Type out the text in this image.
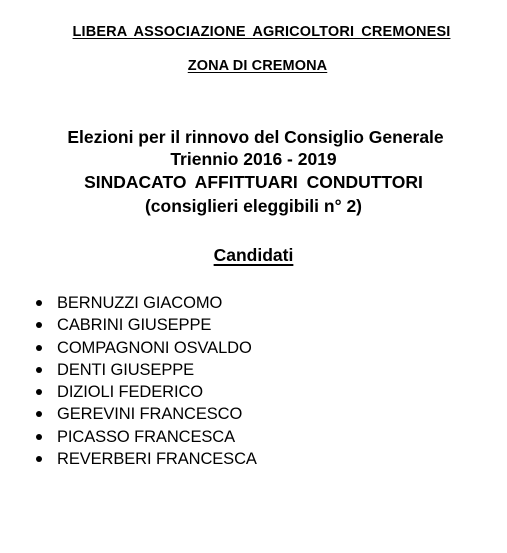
LIBERA ASSOCIAZIONE AGRICOLTORI CREMONESI
ZONA DI CREMONA
Elezioni per il rinnovo del Consiglio Generale
Triennio 2016 - 2019
SINDACATO AFFITTUARI CONDUTTORI
(consiglieri eleggibili n° 2)
Candidati
BERNUZZI GIACOMO
CABRINI GIUSEPPE
COMPAGNONI OSVALDO
DENTI GIUSEPPE
DIZIOLI FEDERICO
GEREVINI FRANCESCO
PICASSO FRANCESCA
REVERBERI FRANCESCA
